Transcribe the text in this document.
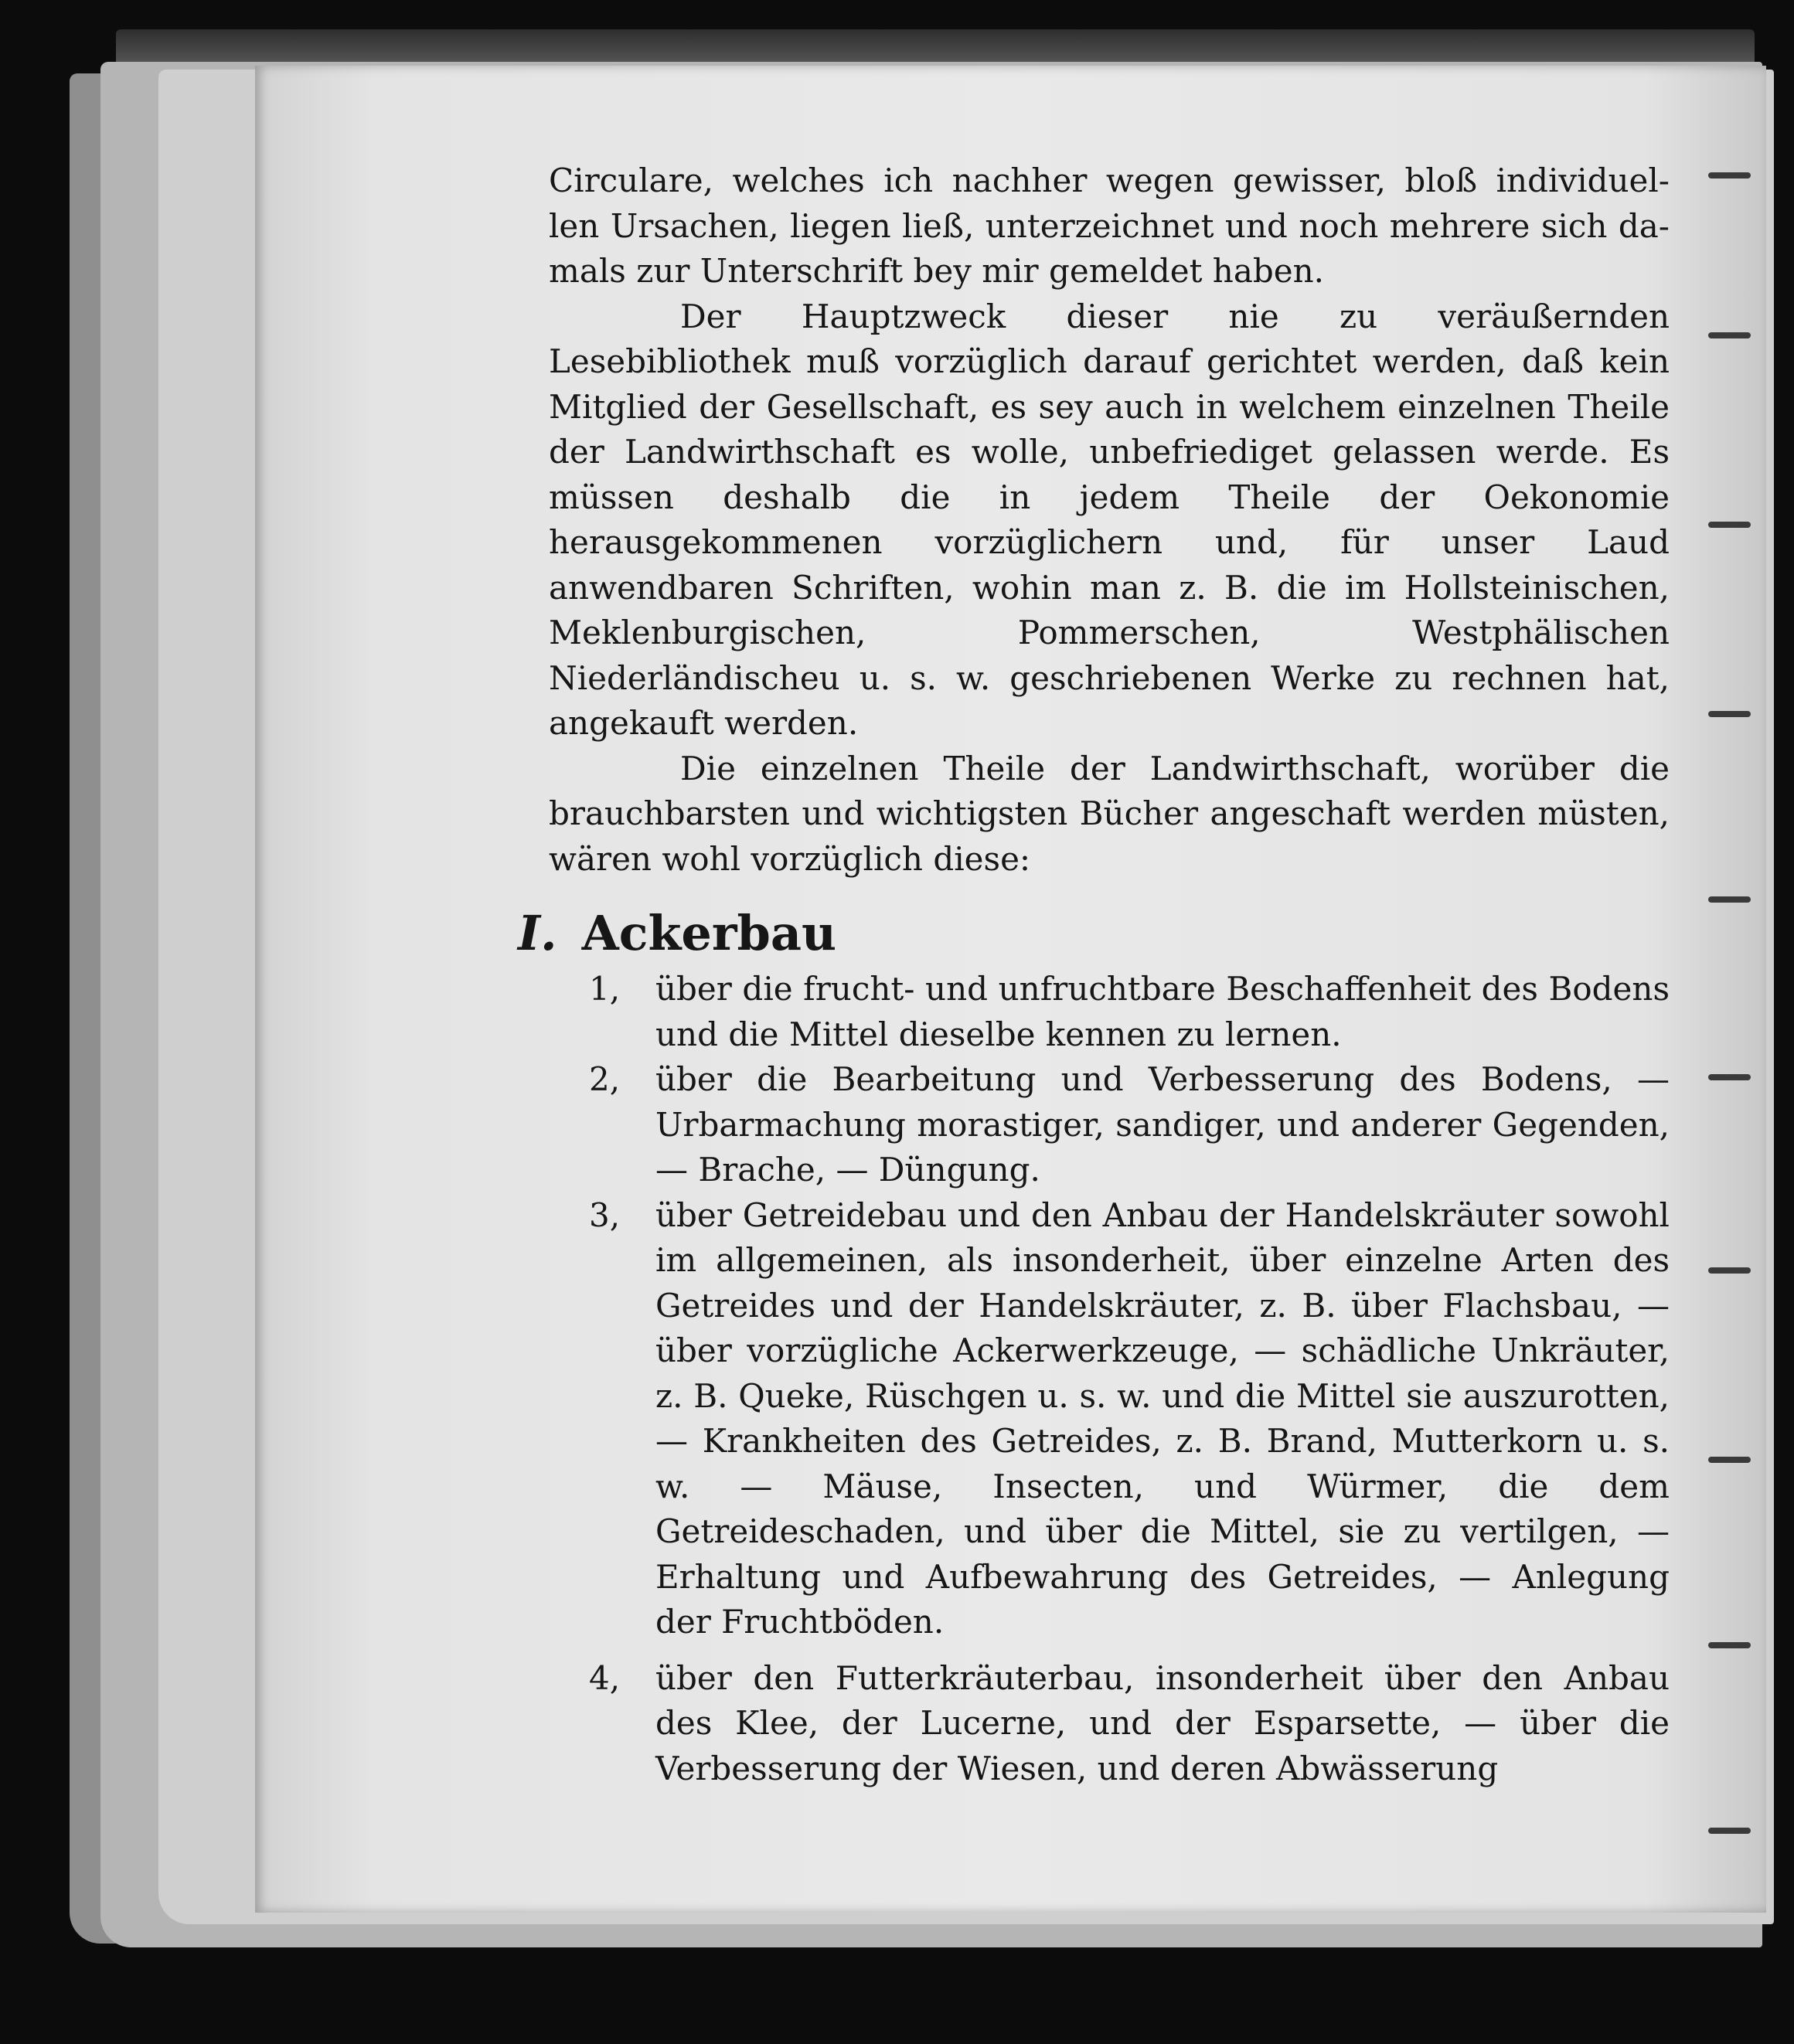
Circulare, welches ich nachher wegen gewisser, bloß individuel-

len Ursachen, liegen ließ, unterzeichnet und noch mehrere sich da-

mals zur Unterschrift bey mir gemeldet haben.

Der Hauptzweck dieser nie zu veräußernden Lesebibliothek muß vorzüglich darauf gerichtet werden, daß kein Mitglied der Gesellschaft, es sey auch in welchem einzelnen Theile der Landwirthschaft es wolle, unbefriediget gelassen werde. Es müssen deshalb die in jedem Theile der Oekonomie herausgekommenen vorzüglichern und, für unser Laud anwendbaren Schriften, wohin man z. B. die im Hollsteinischen, Meklenburgischen, Pommerschen, Westphälischen Niederländischeu u. s. w. geschriebenen Werke zu rechnen hat, angekauft werden.

Die einzelnen Theile der Landwirthschaft, worüber die brauchbarsten und wichtigsten Bücher angeschaft werden müsten, wären wohl vorzüglich diese:

I. Ackerbau
1, über die frucht- und unfruchtbare Beschaffenheit des Bodens und die Mittel dieselbe kennen zu lernen.
2, über die Bearbeitung und Verbesserung des Bodens, — Urbarmachung morastiger, sandiger, und anderer Gegenden, — Brache, — Düngung.
3, über Getreidebau und den Anbau der Handelskräuter sowohl im allgemeinen, als insonderheit, über einzelne Arten des Getreides und der Handelskräuter, z. B. über Flachsbau, — über vorzügliche Ackerwerkzeuge, — schädliche Unkräuter, z. B. Queke, Rüschgen u. s. w. und die Mittel sie auszurotten, — Krankheiten des Getreides, z. B. Brand, Mutterkorn u. s. w. — Mäuse, Insecten, und Würmer, die dem Getreideschaden, und über die Mittel, sie zu vertilgen, — Erhaltung und Aufbewahrung des Getreides, — Anlegung der Fruchtböden.
4, über den Futterkräuterbau, insonderheit über den Anbau des Klee, der Lucerne, und der Esparsette, — über die Verbesserung der Wiesen, und deren Abwässerung
